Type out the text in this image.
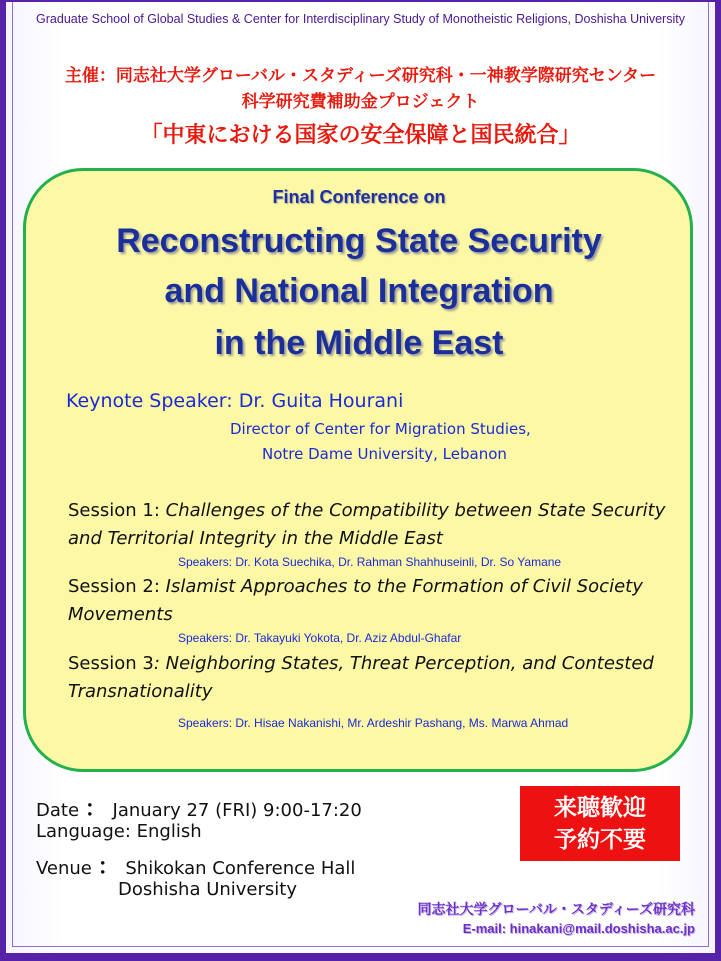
Graduate School of Global Studies & Center for Interdisciplinary Study of Monotheistic Religions, Doshisha University
主催：同志社大学グローバル・スタディーズ研究科・一神教学際研究センター
科学研究費補助金プロジェクト
「中東における国家の安全保障と国民統合」
Final Conference on
Reconstructing State Security
and National Integration
in the Middle East
Keynote Speaker: Dr. Guita Hourani
Director of Center for Migration Studies,
Notre Dame University, Lebanon
Session 1: Challenges of the Compatibility between State Security and Territorial Integrity in the Middle East
Speakers: Dr. Kota Suechika, Dr. Rahman Shahhuseinli, Dr. So Yamane
Session 2: Islamist Approaches to the Formation of Civil Society Movements
Speakers: Dr. Takayuki Yokota, Dr. Aziz Abdul-Ghafar
Session 3: Neighboring States, Threat Perception, and Contested Transnationality
Speakers: Dr. Hisae Nakanishi, Mr. Ardeshir Pashang, Ms. Marwa Ahmad
Date ： January 27 (FRI) 9:00-17:20
Language: English
Venue ： Shikokan Conference Hall
Doshisha University
来聴歓迎
予約不要
同志社大学グローバル・スタディーズ研究科
E-mail: hinakani@mail.doshisha.ac.jp
